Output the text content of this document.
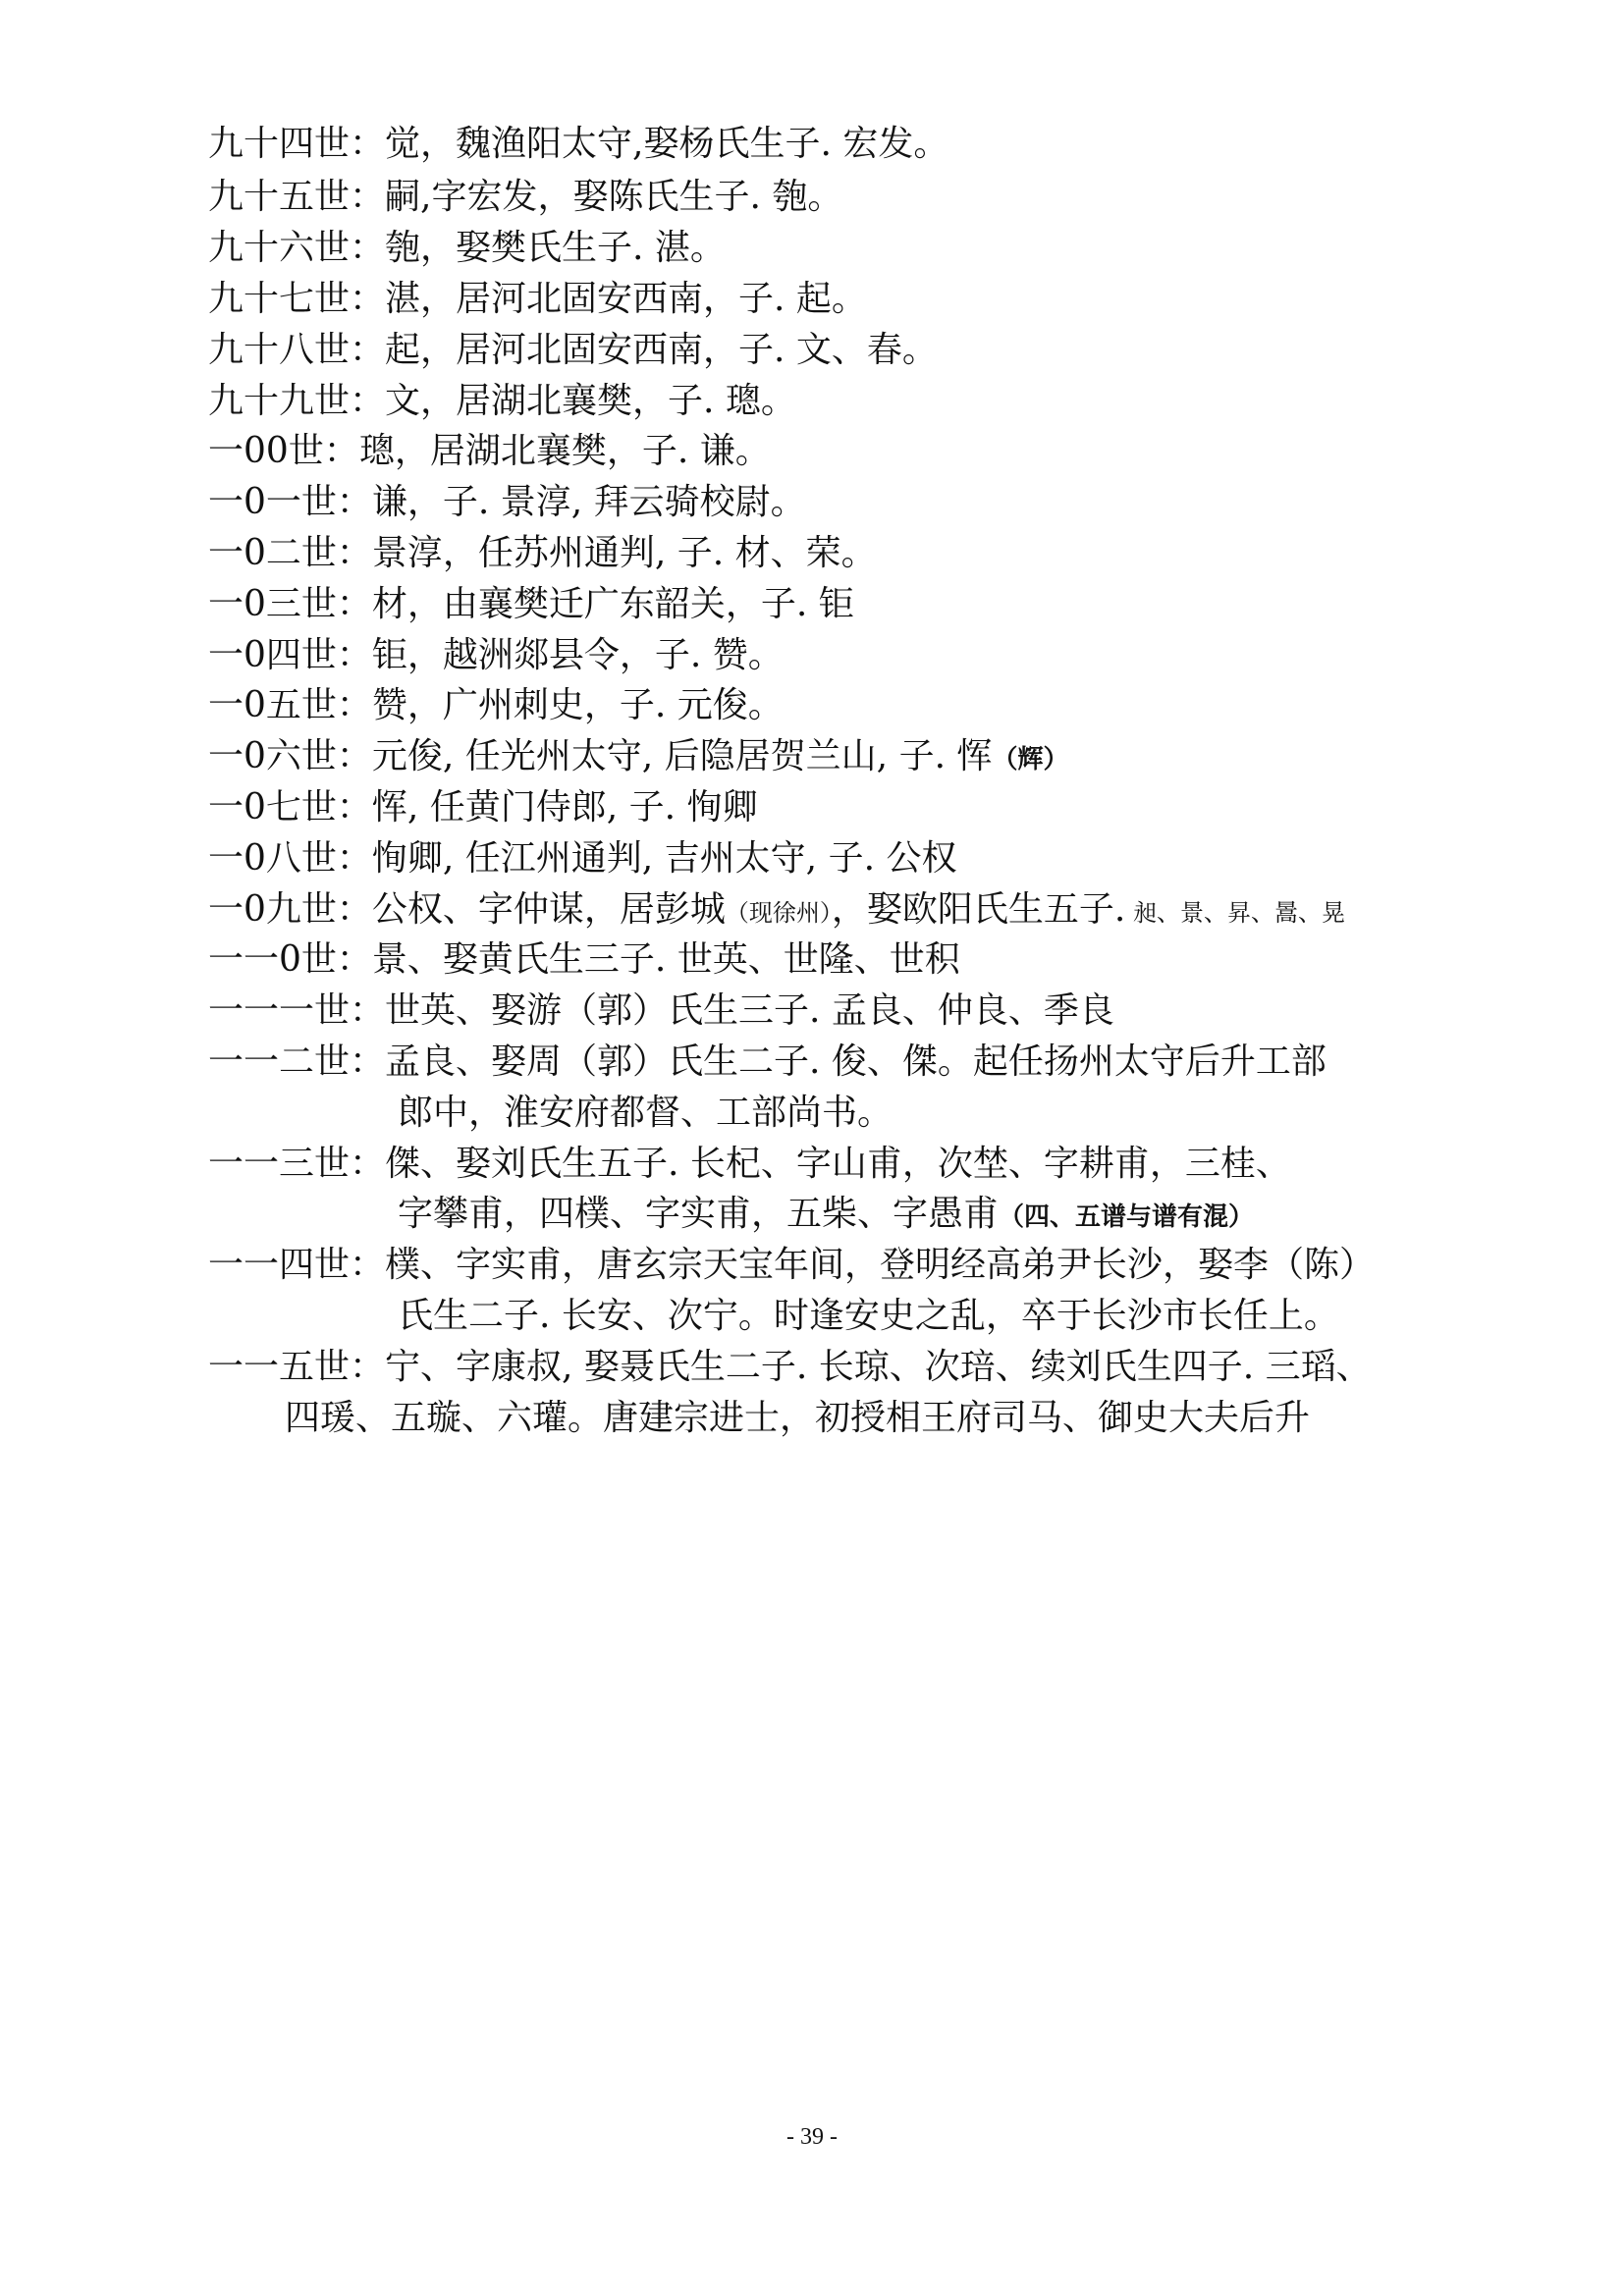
九十四世：觉，魏渔阳太守,娶杨氏生子. 宏发。
九十五世：嗣,字宏发，娶陈氏生子. 匏。
九十六世：匏，娶樊氏生子. 湛。
九十七世：湛，居河北固安西南，子. 起。
九十八世：起，居河北固安西南，子. 文、春。
九十九世：文，居湖北襄樊，子. 璁。
一00世：璁，居湖北襄樊，子. 谦。
一0一世：谦，子. 景淳, 拜云骑校尉。
一0二世：景淳，任苏州通判, 子. 材、荣。
一0三世：材，由襄樊迁广东韶关，子. 钜
一0四世：钜，越洲郯县令，子. 赞。
一0五世：赞，广州刺史，子. 元俊。
一0六世：元俊, 任光州太守, 后隐居贺兰山, 子. 恽（辉）
一0七世：恽, 任黄门侍郎, 子. 恂卿
一0八世：恂卿, 任江州通判, 吉州太守, 子. 公权
一0九世：公权、字仲谋，居彭城（现徐州），娶欧阳氏生五子. 昶、景、昇、暠、晃
一一0世：景、娶黄氏生三子. 世英、世隆、世积
一一一世：世英、娶游（郭）氏生三子. 孟良、仲良、季良
一一二世：孟良、娶周（郭）氏生二子. 俊、傑。起任扬州太守后升工部
郎中，淮安府都督、工部尚书。
一一三世：傑、娶刘氏生五子. 长杞、字山甫，次埜、字耕甫，三桂、
字攀甫，四樸、字实甫，五柴、字愚甫（四、五谱与谱有混）
一一四世：樸、字实甫，唐玄宗天宝年间，登明经高弟尹长沙，娶李（陈）
氏生二子. 长安、次宁。时逢安史之乱，卒于长沙市长任上。
一一五世：宁、字康叔, 娶聂氏生二子. 长琼、次琣、续刘氏生四子. 三瑫、
四瑗、五璇、六瓘。唐建宗进士，初授相王府司马、御史大夫后升
- 39 -
